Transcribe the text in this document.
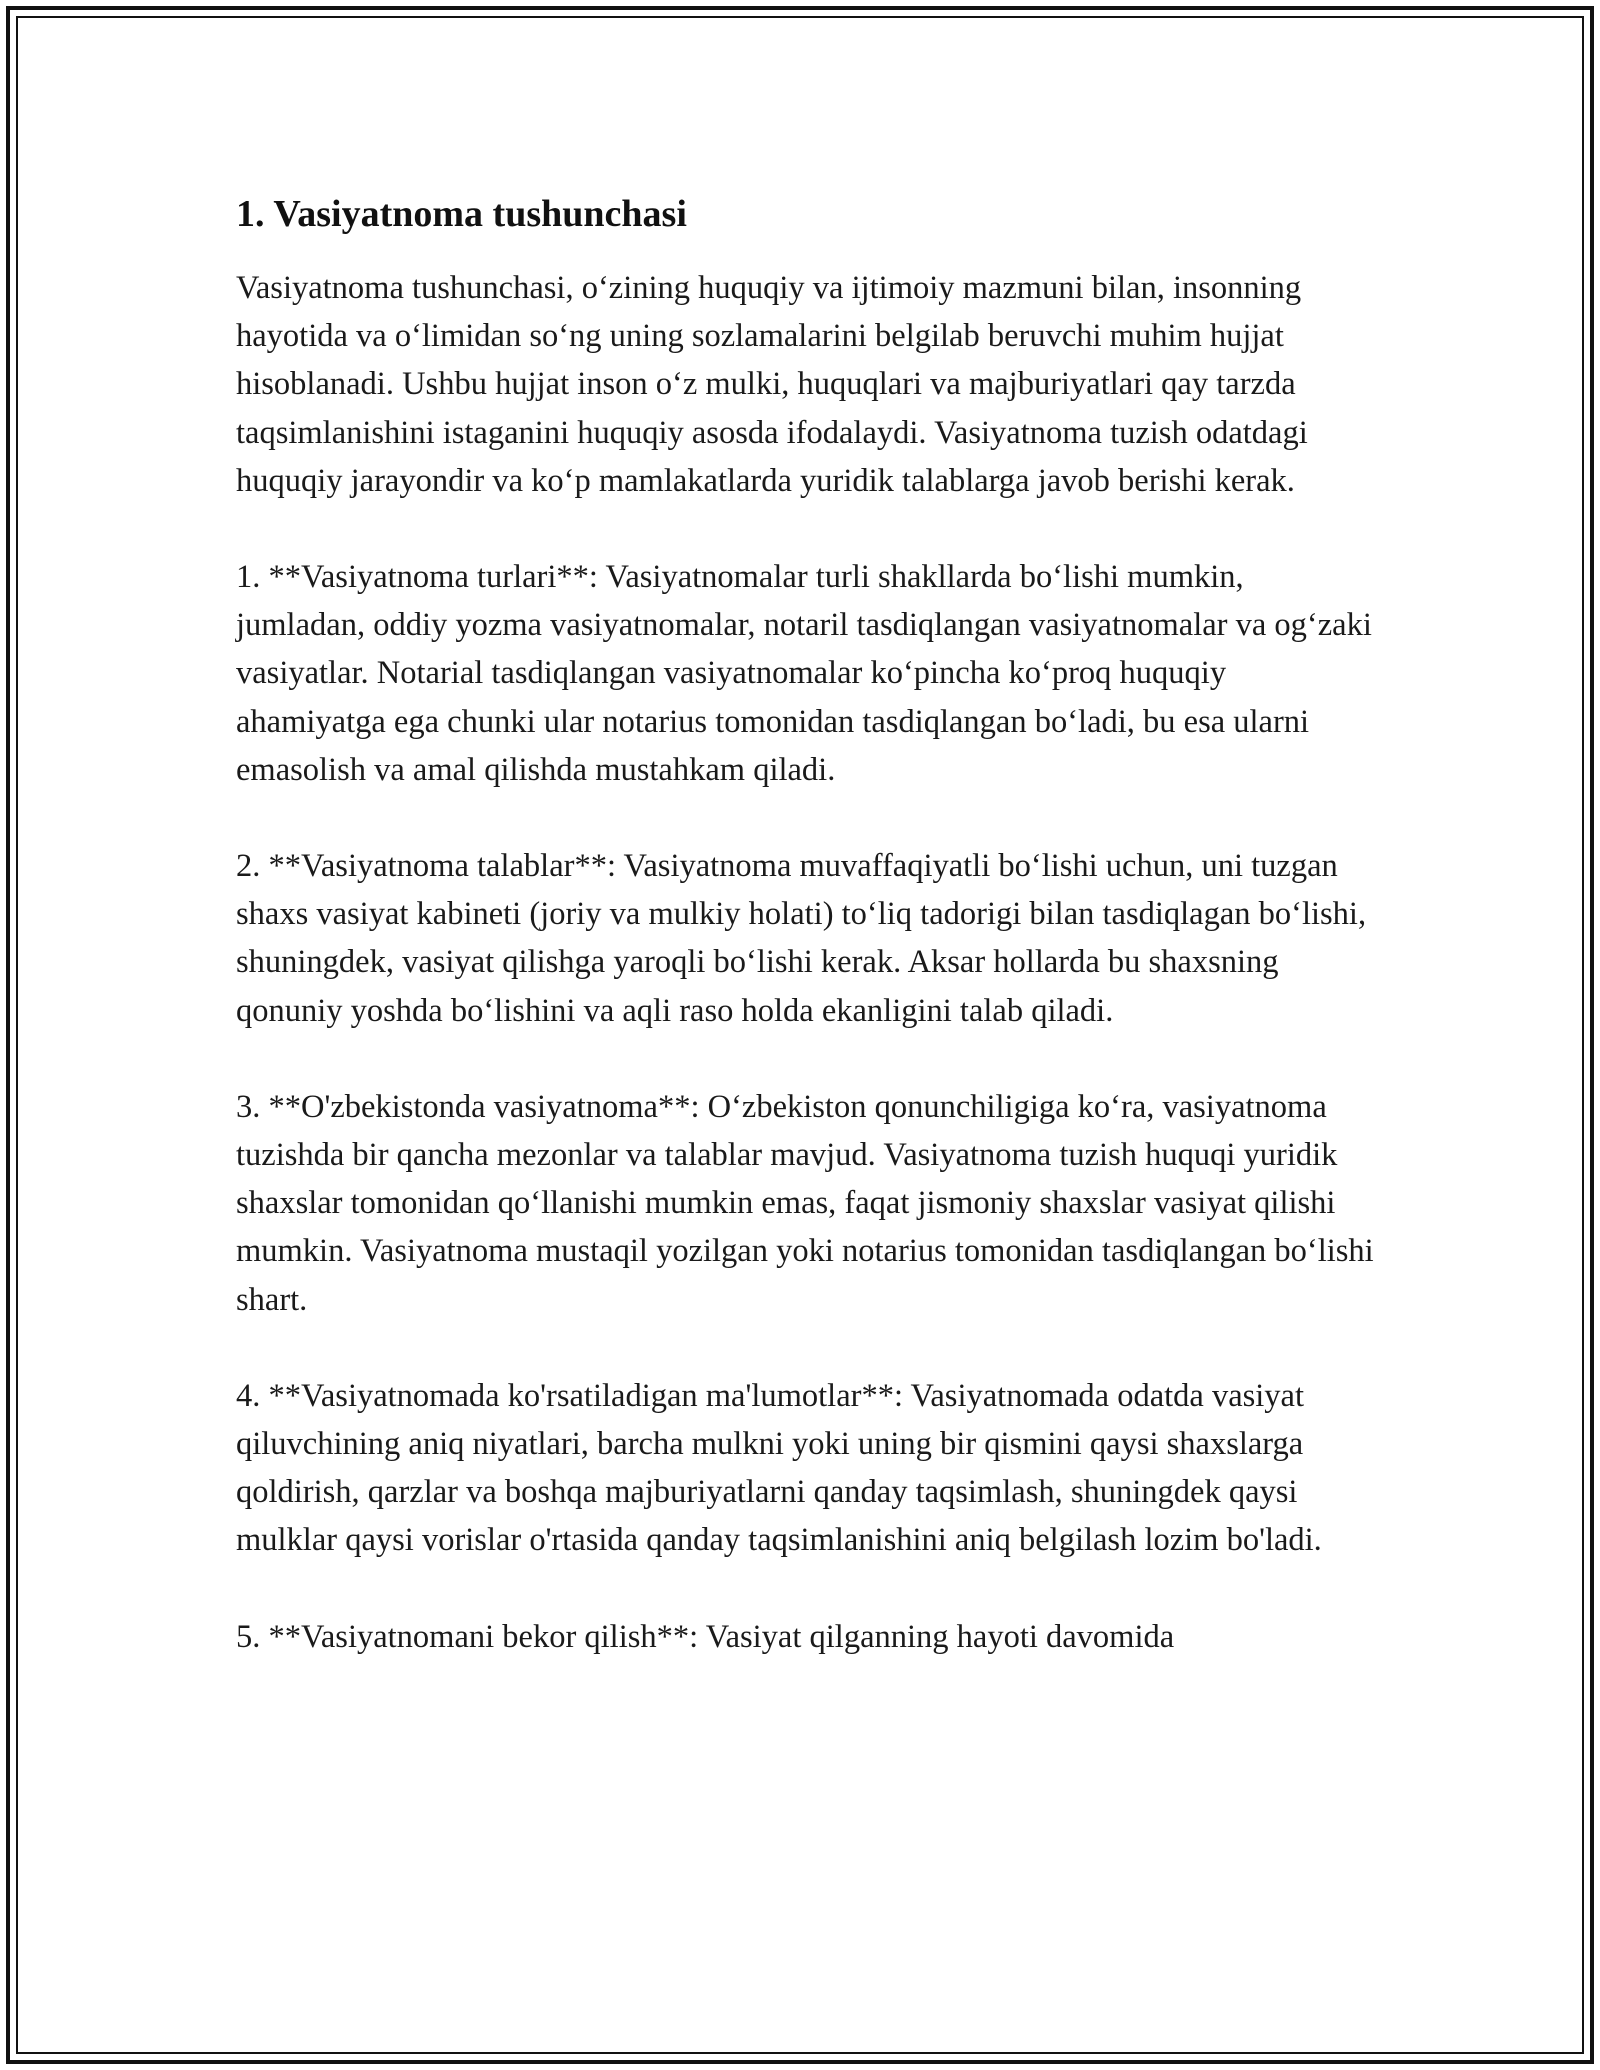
1. Vasiyatnoma tushunchasi

Vasiyatnoma tushunchasi, o‘zining huquqiy va ijtimoiy mazmuni bilan, insonning hayotida va o‘limidan so‘ng uning sozlamalarini belgilab beruvchi muhim hujjat hisoblanadi. Ushbu hujjat inson o‘z mulki, huquqlari va majburiyatlari qay tarzda taqsimlanishini istaganini huquqiy asosda ifodalaydi. Vasiyatnoma tuzish odatdagi huquqiy jarayondir va ko‘p mamlakatlarda yuridik talablarga javob berishi kerak.

1. **Vasiyatnoma turlari**: Vasiyatnomalar turli shakllarda bo‘lishi mumkin, jumladan, oddiy yozma vasiyatnomalar, notaril tasdiqlangan vasiyatnomalar va og‘zaki vasiyatlar. Notarial tasdiqlangan vasiyatnomalar ko‘pincha ko‘proq huquqiy ahamiyatga ega chunki ular notarius tomonidan tasdiqlangan bo‘ladi, bu esa ularni emasolish va amal qilishda mustahkam qiladi.

2. **Vasiyatnoma talablar**: Vasiyatnoma muvaffaqiyatli bo‘lishi uchun, uni tuzgan shaxs vasiyat kabineti (joriy va mulkiy holati) to‘liq tadorigi bilan tasdiqlagan bo‘lishi, shuningdek, vasiyat qilishga yaroqli bo‘lishi kerak. Aksar hollarda bu shaxsning qonuniy yoshda bo‘lishini va aqli raso holda ekanligini talab qiladi.

3. **O'zbekistonda vasiyatnoma**: O‘zbekiston qonunchiligiga ko‘ra, vasiyatnoma tuzishda bir qancha mezonlar va talablar mavjud. Vasiyatnoma tuzish huquqi yuridik shaxslar tomonidan qo‘llanishi mumkin emas, faqat jismoniy shaxslar vasiyat qilishi mumkin. Vasiyatnoma mustaqil yozilgan yoki notarius tomonidan tasdiqlangan bo‘lishi shart.

4. **Vasiyatnomada ko'rsatiladigan ma'lumotlar**: Vasiyatnomada odatda vasiyat qiluvchining aniq niyatlari, barcha mulkni yoki uning bir qismini qaysi shaxslarga qoldirish, qarzlar va boshqa majburiyatlarni qanday taqsimlash, shuningdek qaysi mulklar qaysi vorislar o'rtasida qanday taqsimlanishini aniq belgilash lozim bo'ladi.

5. **Vasiyatnomani bekor qilish**: Vasiyat qilganning hayoti davomida
